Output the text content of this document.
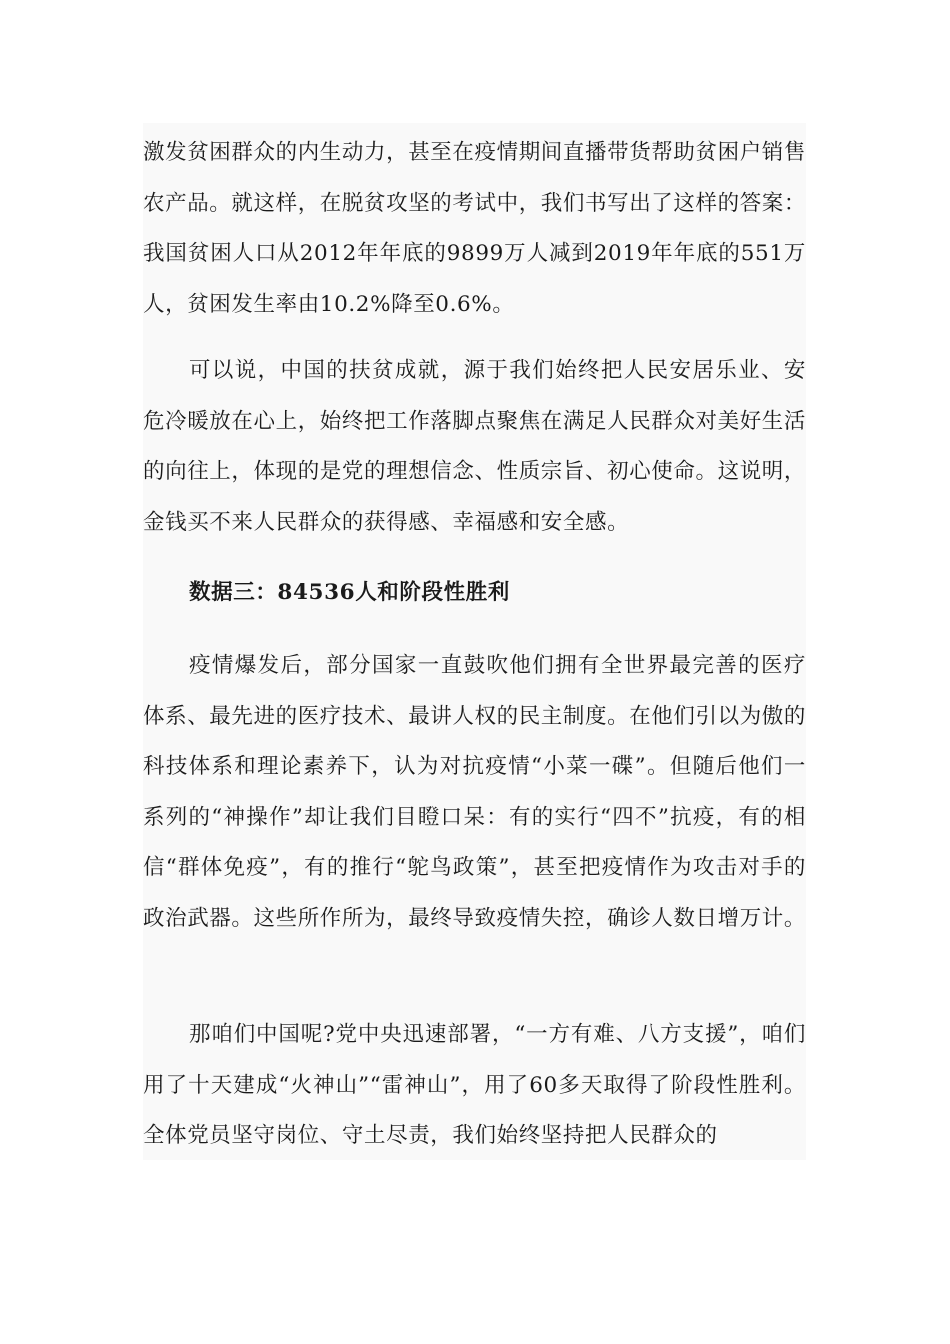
激发贫困群众的内生动力，甚至在疫情期间直播带货帮助贫困户销售农产品。就这样，在脱贫攻坚的考试中，我们书写出了这样的答案：我国贫困人口从2012年年底的9899万人减到2019年年底的551万人，贫困发生率由10.2%降至0.6%。

可以说，中国的扶贫成就，源于我们始终把人民安居乐业、安危冷暖放在心上，始终把工作落脚点聚焦在满足人民群众对美好生活的向往上，体现的是党的理想信念、性质宗旨、初心使命。这说明，金钱买不来人民群众的获得感、幸福感和安全感。

数据三：84536人和阶段性胜利

疫情爆发后，部分国家一直鼓吹他们拥有全世界最完善的医疗体系、最先进的医疗技术、最讲人权的民主制度。在他们引以为傲的科技体系和理论素养下，认为对抗疫情“小菜一碟”。但随后他们一系列的“神操作”却让我们目瞪口呆：有的实行“四不”抗疫，有的相信“群体免疫”，有的推行“鸵鸟政策”，甚至把疫情作为攻击对手的政治武器。这些所作所为，最终导致疫情失控，确诊人数日增万计。

那咱们中国呢?党中央迅速部署，“一方有难、八方支援”，咱们用了十天建成“火神山”“雷神山”，用了60多天取得了阶段性胜利。全体党员坚守岗位、守土尽责，我们始终坚持把人民群众的
